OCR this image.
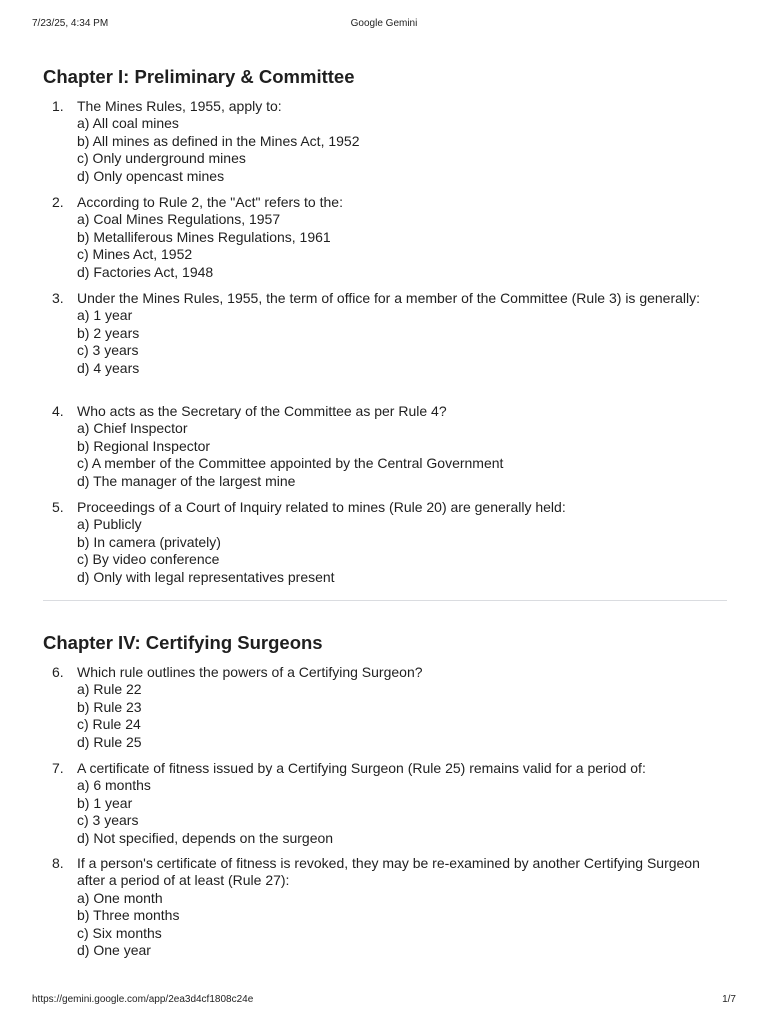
7/23/25, 4:34 PM	Google Gemini
Chapter I: Preliminary & Committee
1. The Mines Rules, 1955, apply to:
a) All coal mines
b) All mines as defined in the Mines Act, 1952
c) Only underground mines
d) Only opencast mines
2. According to Rule 2, the "Act" refers to the:
a) Coal Mines Regulations, 1957
b) Metalliferous Mines Regulations, 1961
c) Mines Act, 1952
d) Factories Act, 1948
3. Under the Mines Rules, 1955, the term of office for a member of the Committee (Rule 3) is generally:
a) 1 year
b) 2 years
c) 3 years
d) 4 years
4. Who acts as the Secretary of the Committee as per Rule 4?
a) Chief Inspector
b) Regional Inspector
c) A member of the Committee appointed by the Central Government
d) The manager of the largest mine
5. Proceedings of a Court of Inquiry related to mines (Rule 20) are generally held:
a) Publicly
b) In camera (privately)
c) By video conference
d) Only with legal representatives present
Chapter IV: Certifying Surgeons
6. Which rule outlines the powers of a Certifying Surgeon?
a) Rule 22
b) Rule 23
c) Rule 24
d) Rule 25
7. A certificate of fitness issued by a Certifying Surgeon (Rule 25) remains valid for a period of:
a) 6 months
b) 1 year
c) 3 years
d) Not specified, depends on the surgeon
8. If a person's certificate of fitness is revoked, they may be re-examined by another Certifying Surgeon after a period of at least (Rule 27):
a) One month
b) Three months
c) Six months
d) One year
https://gemini.google.com/app/2ea3d4cf1808c24e	1/7
